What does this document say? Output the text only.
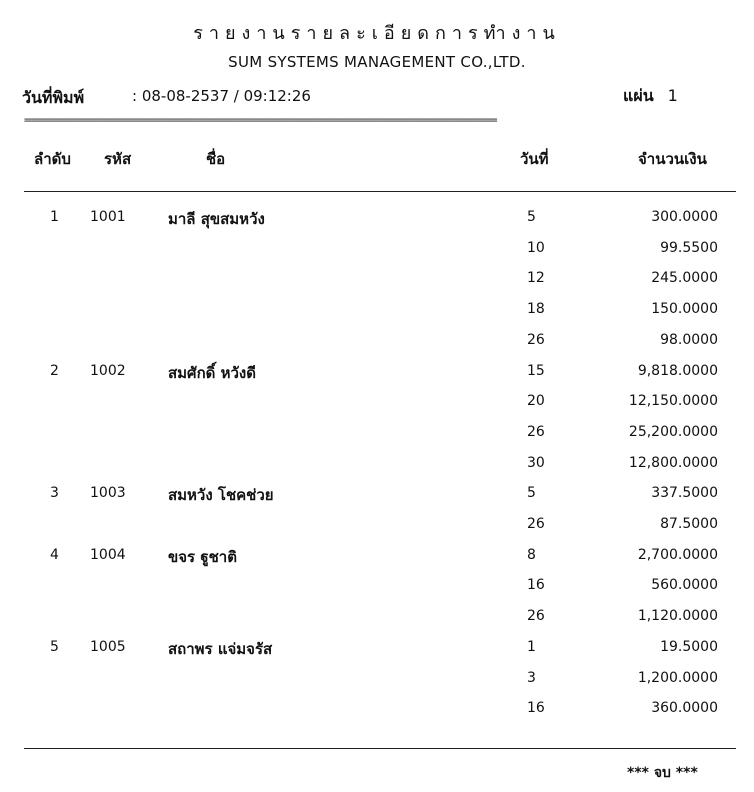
รายงานรายละเอียดการทำงาน
SUM SYSTEMS MANAGEMENT CO.,LTD.
วันที่พิมพ์	: 08-08-2537 / 09:12:26	แผ่น 1
================================================================================================
ลำดับ รหัส	ชื่อ	วันที่	จำนวนเงิน
1 1001	มาลี สุขสมหวัง	5	300.0000
10	99.5500
12	245.0000
18	150.0000
26	98.0000
2 1002	สมศักดิ์ หวังดี	15	9,818.0000
20	12,150.0000
26	25,200.0000
30	12,800.0000
3 1003	สมหวัง โชคช่วย	5	337.5000
26	87.5000
4 1004	ขจร ฐูชาติ	8	2,700.0000
16	560.0000
26	1,120.0000
5 1005	สถาพร แจ่มจรัส	1	19.5000
3	1,200.0000
16	360.0000
*** จบ ***
